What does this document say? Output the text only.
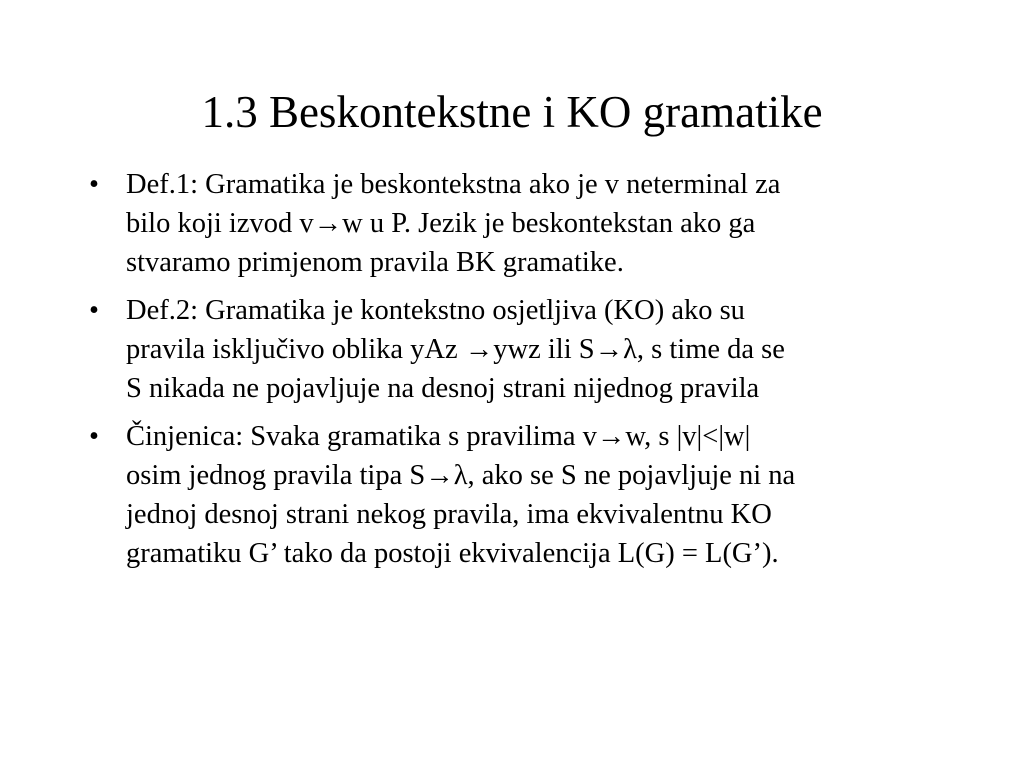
1.3 Beskontekstne i KO gramatike
• Def.1: Gramatika je beskontekstna ako je v neterminal za
bilo koji izvod v→w u P. Jezik je beskontekstan ako ga
stvaramo primjenom pravila BK gramatike.
• Def.2: Gramatika je kontekstno osjetljiva (KO) ako su
pravila isključivo oblika yAz →ywz ili S→λ, s time da se
S nikada ne pojavljuje na desnoj strani nijednog pravila
• Činjenica: Svaka gramatika s pravilima v→w, s |v|<|w|
osim jednog pravila tipa S→λ, ako se S ne pojavljuje ni na
jednoj desnoj strani nekog pravila, ima ekvivalentnu KO
gramatiku G’ tako da postoji ekvivalencija L(G) = L(G’).
